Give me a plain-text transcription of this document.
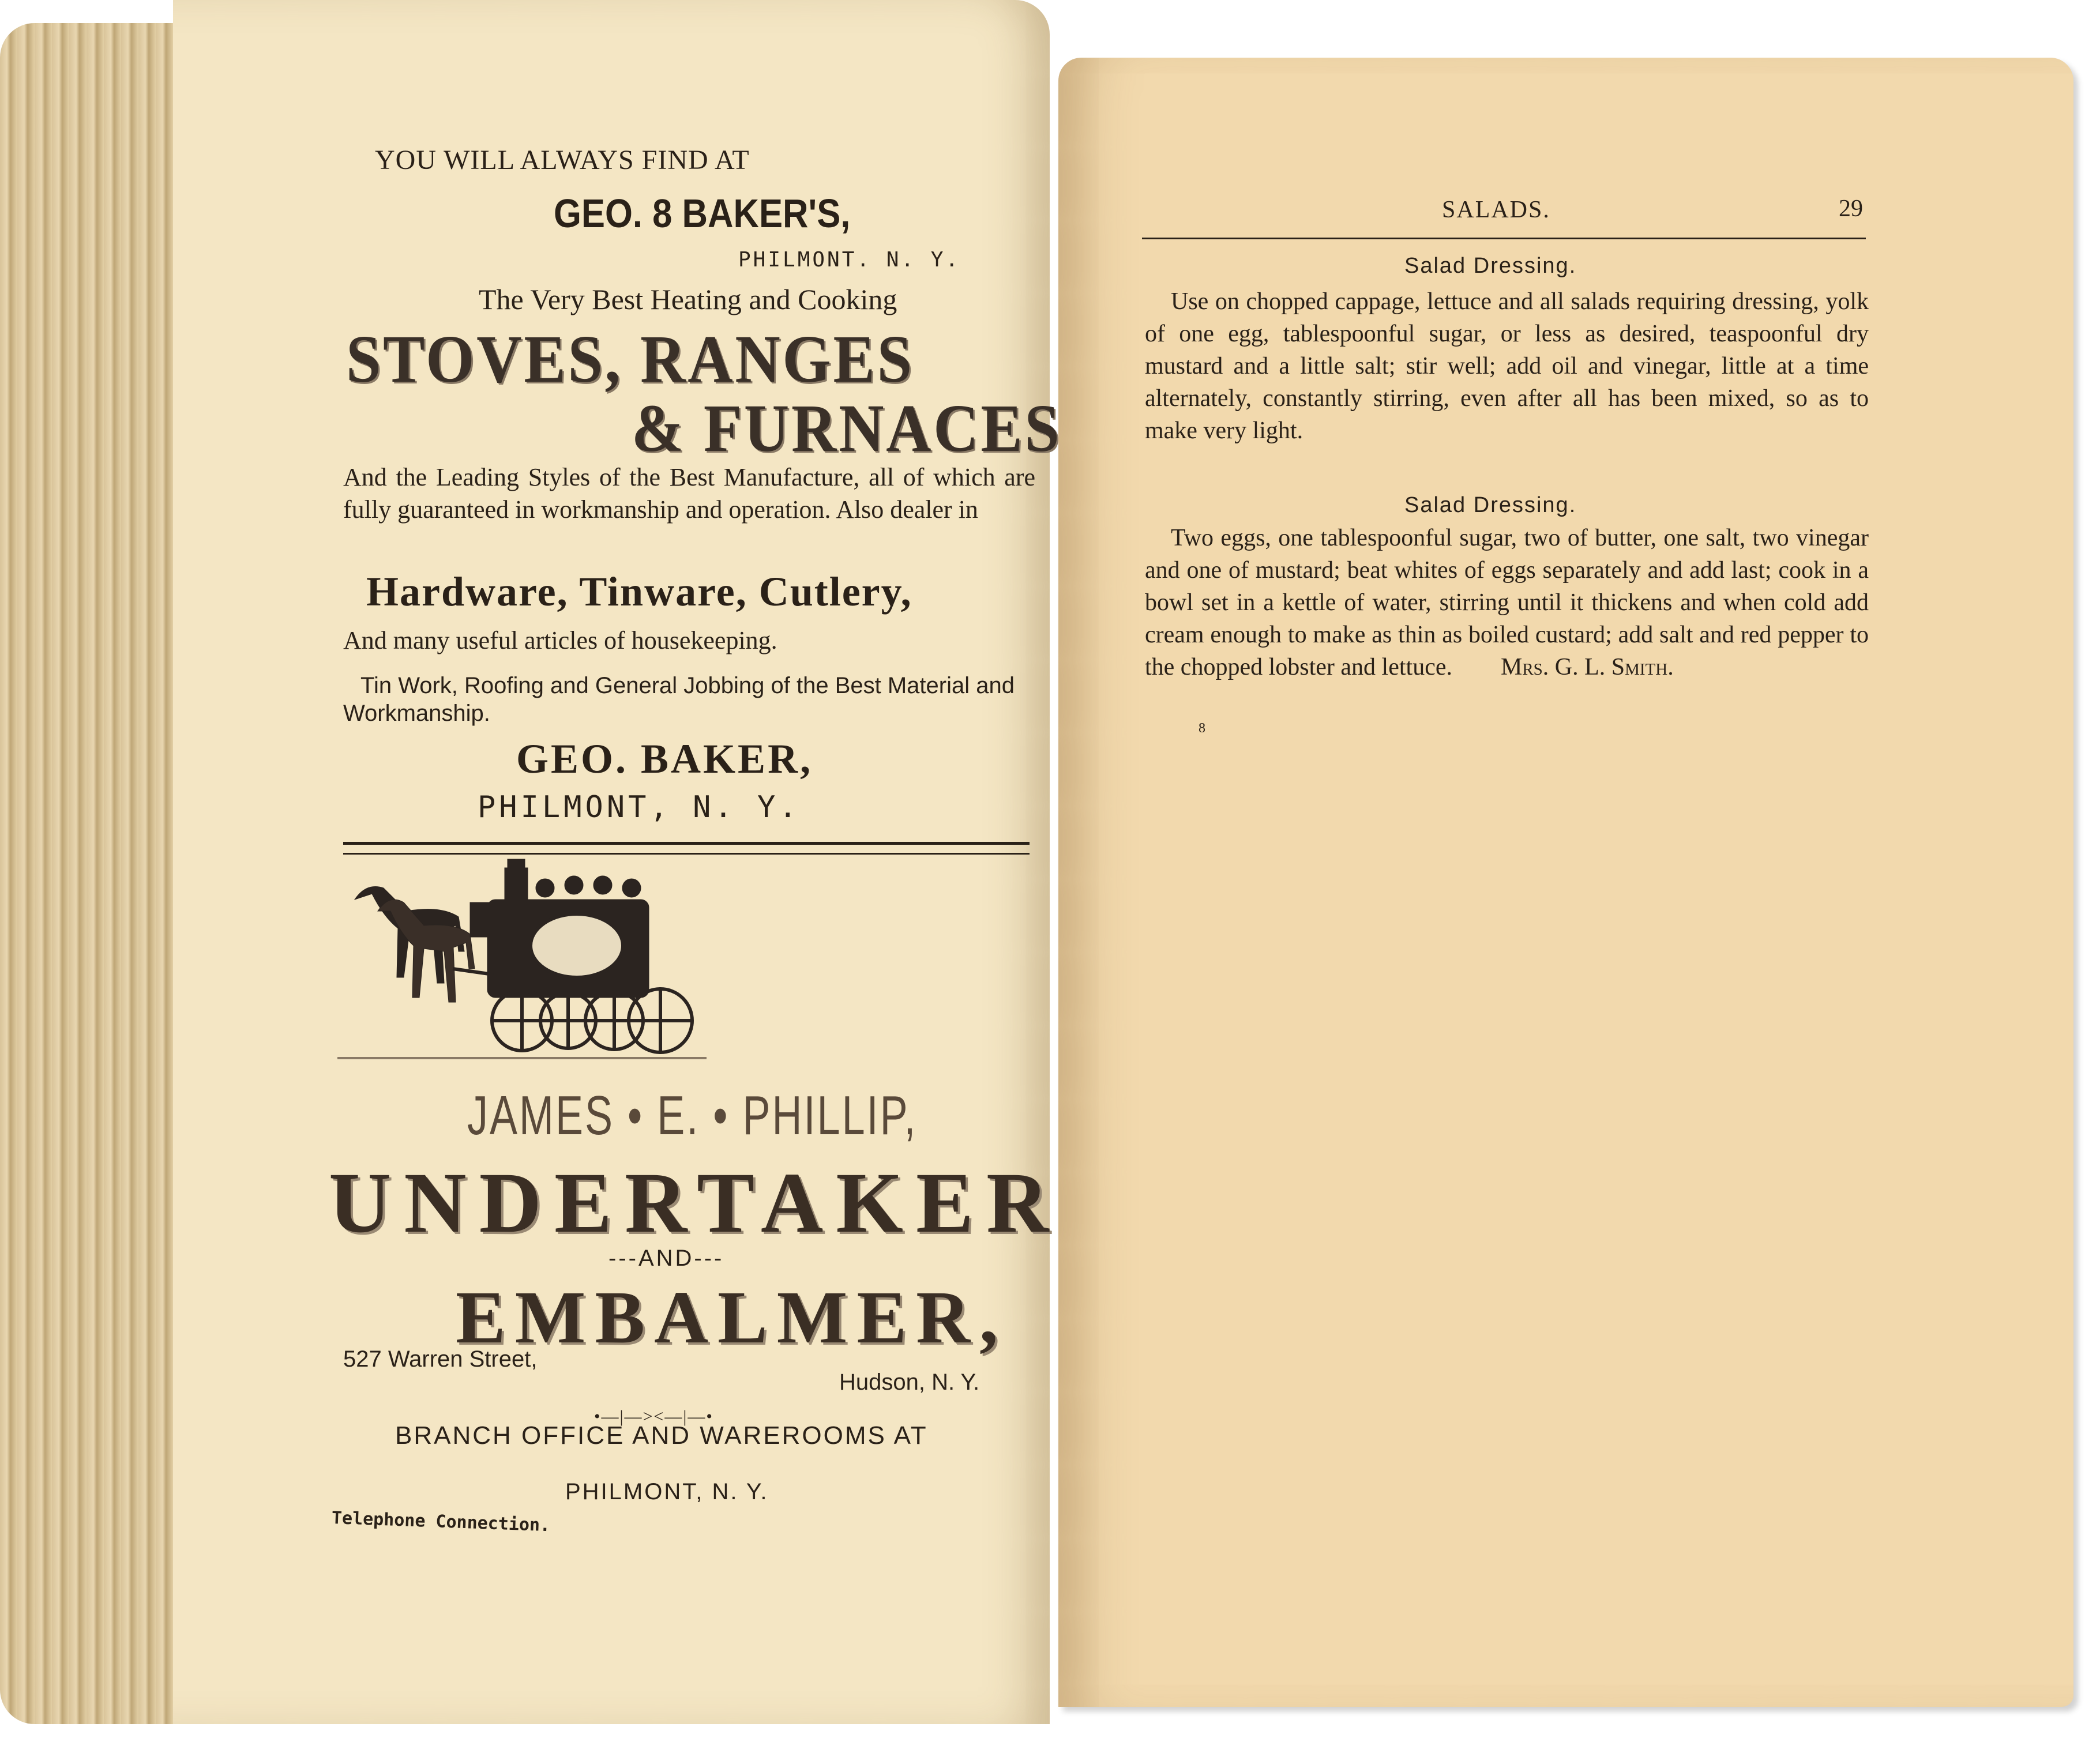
YOU WILL ALWAYS FIND AT
GEO. 8 BAKER'S,
PHILMONT. N. Y.
The Very Best Heating and Cooking
STOVES, RANGES
& FURNACES
And the Leading Styles of the Best Manufacture, all of which are fully guaranteed in workmanship and operation. Also dealer in
Hardware, Tinware, Cutlery,
And many useful articles of housekeeping.
Tin Work, Roofing and General Jobbing of the Best Material and Workmanship.
GEO. BAKER,
PHILMONT, N. Y.
JAMES • E. • PHILLIP,
UNDERTAKER
---AND---
EMBALMER,
527 Warren Street,
Hudson, N. Y.
•—|—><—|—•
BRANCH OFFICE AND WAREROOMS AT
PHILMONT, N. Y.
Telephone Connection.
SALADS.	29
Salad Dressing.
Use on chopped cappage, lettuce and all salads requiring dressing, yolk of one egg, tablespoonful sugar, or less as desired, teaspoonful dry mustard and a little salt; stir well; add oil and vinegar, little at a time alternately, constantly stirring, even after all has been mixed, so as to make very light.
Salad Dressing.
Two eggs, one tablespoonful sugar, two of butter, one salt, two vinegar and one of mustard; beat whites of eggs separately and add last; cook in a bowl set in a kettle of water, stirring until it thickens and when cold add cream enough to make as thin as boiled custard; add salt and red pepper to the chopped lobster and lettuce.   Mrs. G. L. Smith.
8
